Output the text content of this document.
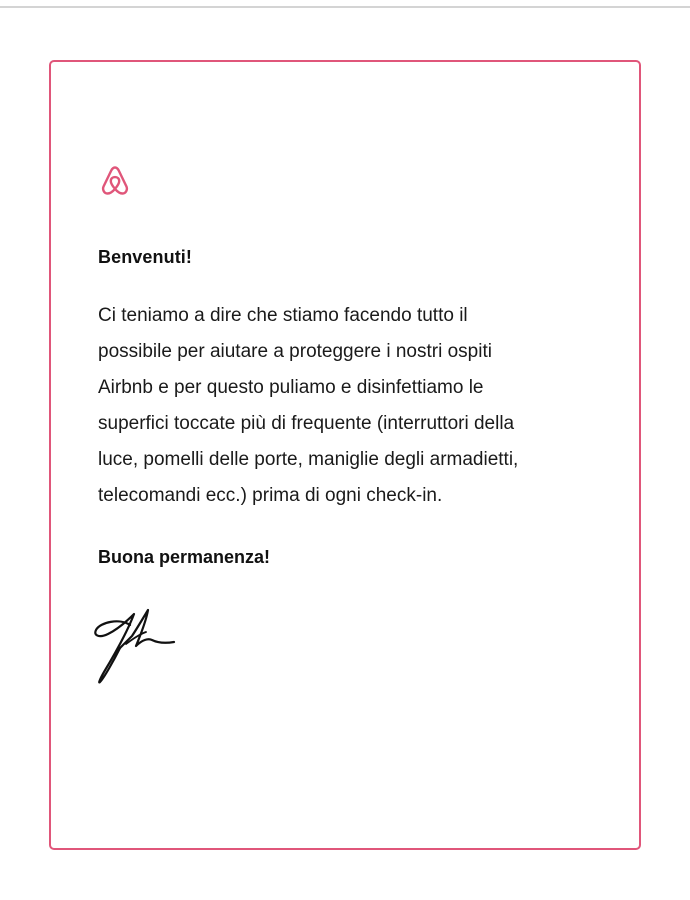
Benvenuti!
Ci teniamo a dire che stiamo facendo tutto il
possibile per aiutare a proteggere i nostri ospiti
Airbnb e per questo puliamo e disinfettiamo le
superfici toccate più di frequente (interruttori della
luce, pomelli delle porte, maniglie degli armadietti,
telecomandi ecc.) prima di ogni check-in.

Buona permanenza!
